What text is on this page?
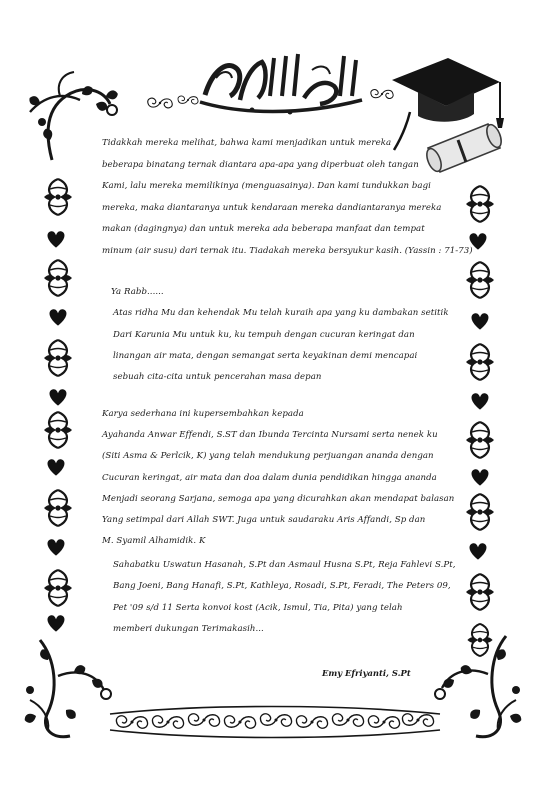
Tidakkah mereka melihat, bahwa kami menjadikan untuk mereka
beberapa binatang ternak diantara apa-apa yang diperbuat oleh tangan
Kami, lalu mereka memilikinya (menguasainya). Dan kami tundukkan bagi
mereka, maka diantaranya untuk kendaraan mereka dandiantaranya mereka
makan (dagingnya) dan untuk mereka ada beberapa manfaat dan tempat
minum (air susu) dari ternak itu. Tiadakah mereka bersyukur kasih. (Yassin : 71-73)
Ya Rabb......
Atas ridha Mu dan kehendak Mu telah kuraih apa yang ku dambakan setitik
Dari Karunia Mu untuk ku, ku tempuh dengan cucuran keringat dan
linangan air mata, dengan semangat serta keyakinan demi mencapai
sebuah cita-cita untuk pencerahan masa depan
Karya sederhana ini kupersembahkan kepada
Ayahanda Anwar Effendi, S.ST dan Ibunda Tercinta Nursami serta nenek ku
(Siti Asma & Perlcik, K) yang telah mendukung perjuangan ananda dengan
Cucuran keringat, air mata dan doa dalam dunia pendidikan hingga ananda
Menjadi seorang Sarjana, semoga apa yang dicurahkan akan mendapat balasan
Yang setimpal dari Allah SWT. Juga untuk saudaraku Aris Affandi, Sp dan
M. Syamil Alhamidik. K
Sahabatku Uswatun Hasanah, S.Pt dan Asmaul Husna S.Pt, Reja Fahlevi S.Pt,
Bang Joeni, Bang Hanafi, S.Pt, Kathleya, Rosadi, S.Pt, Feradi, The Peters 09,
Pet '09 s/d 11 Serta konvoi kost (Acik, Ismul, Tia, Pita) yang telah
memberi dukungan Terimakasih...
Emy Efriyanti, S.Pt
